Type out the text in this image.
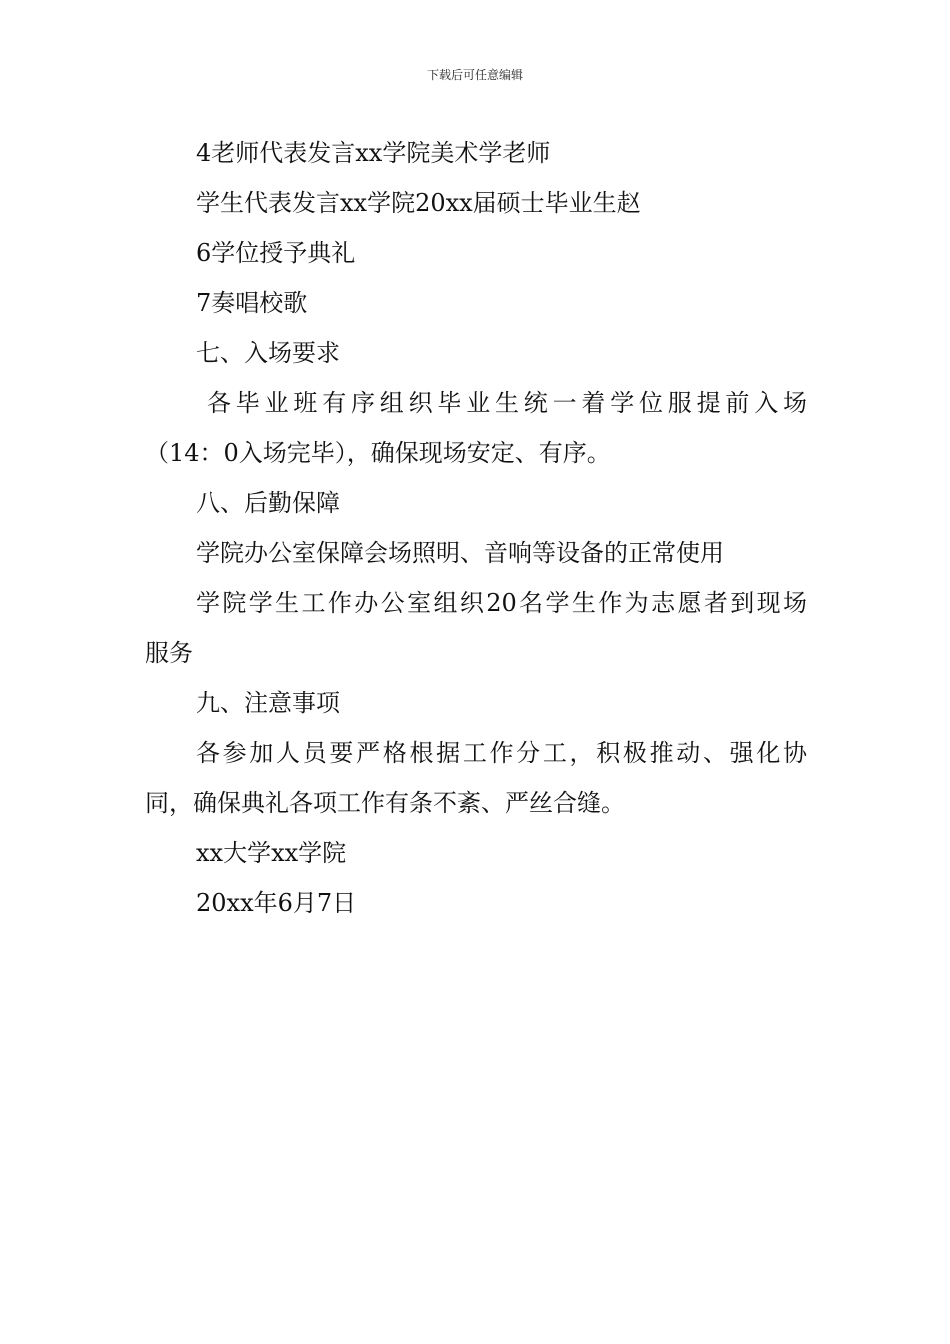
下载后可任意编辑
4老师代表发言xx学院美术学老师
学生代表发言xx学院20xx届硕士毕业生赵
6学位授予典礼
7奏唱校歌
七、入场要求
各毕业班有序组织毕业生统一着学位服提前入场
（14：0入场完毕），确保现场安定、有序。
八、后勤保障
学院办公室保障会场照明、音响等设备的正常使用
学院学生工作办公室组织20名学生作为志愿者到现场
服务
九、注意事项
各参加人员要严格根据工作分工，积极推动、强化协
同，确保典礼各项工作有条不紊、严丝合缝。
xx大学xx学院
20xx年6月7日
